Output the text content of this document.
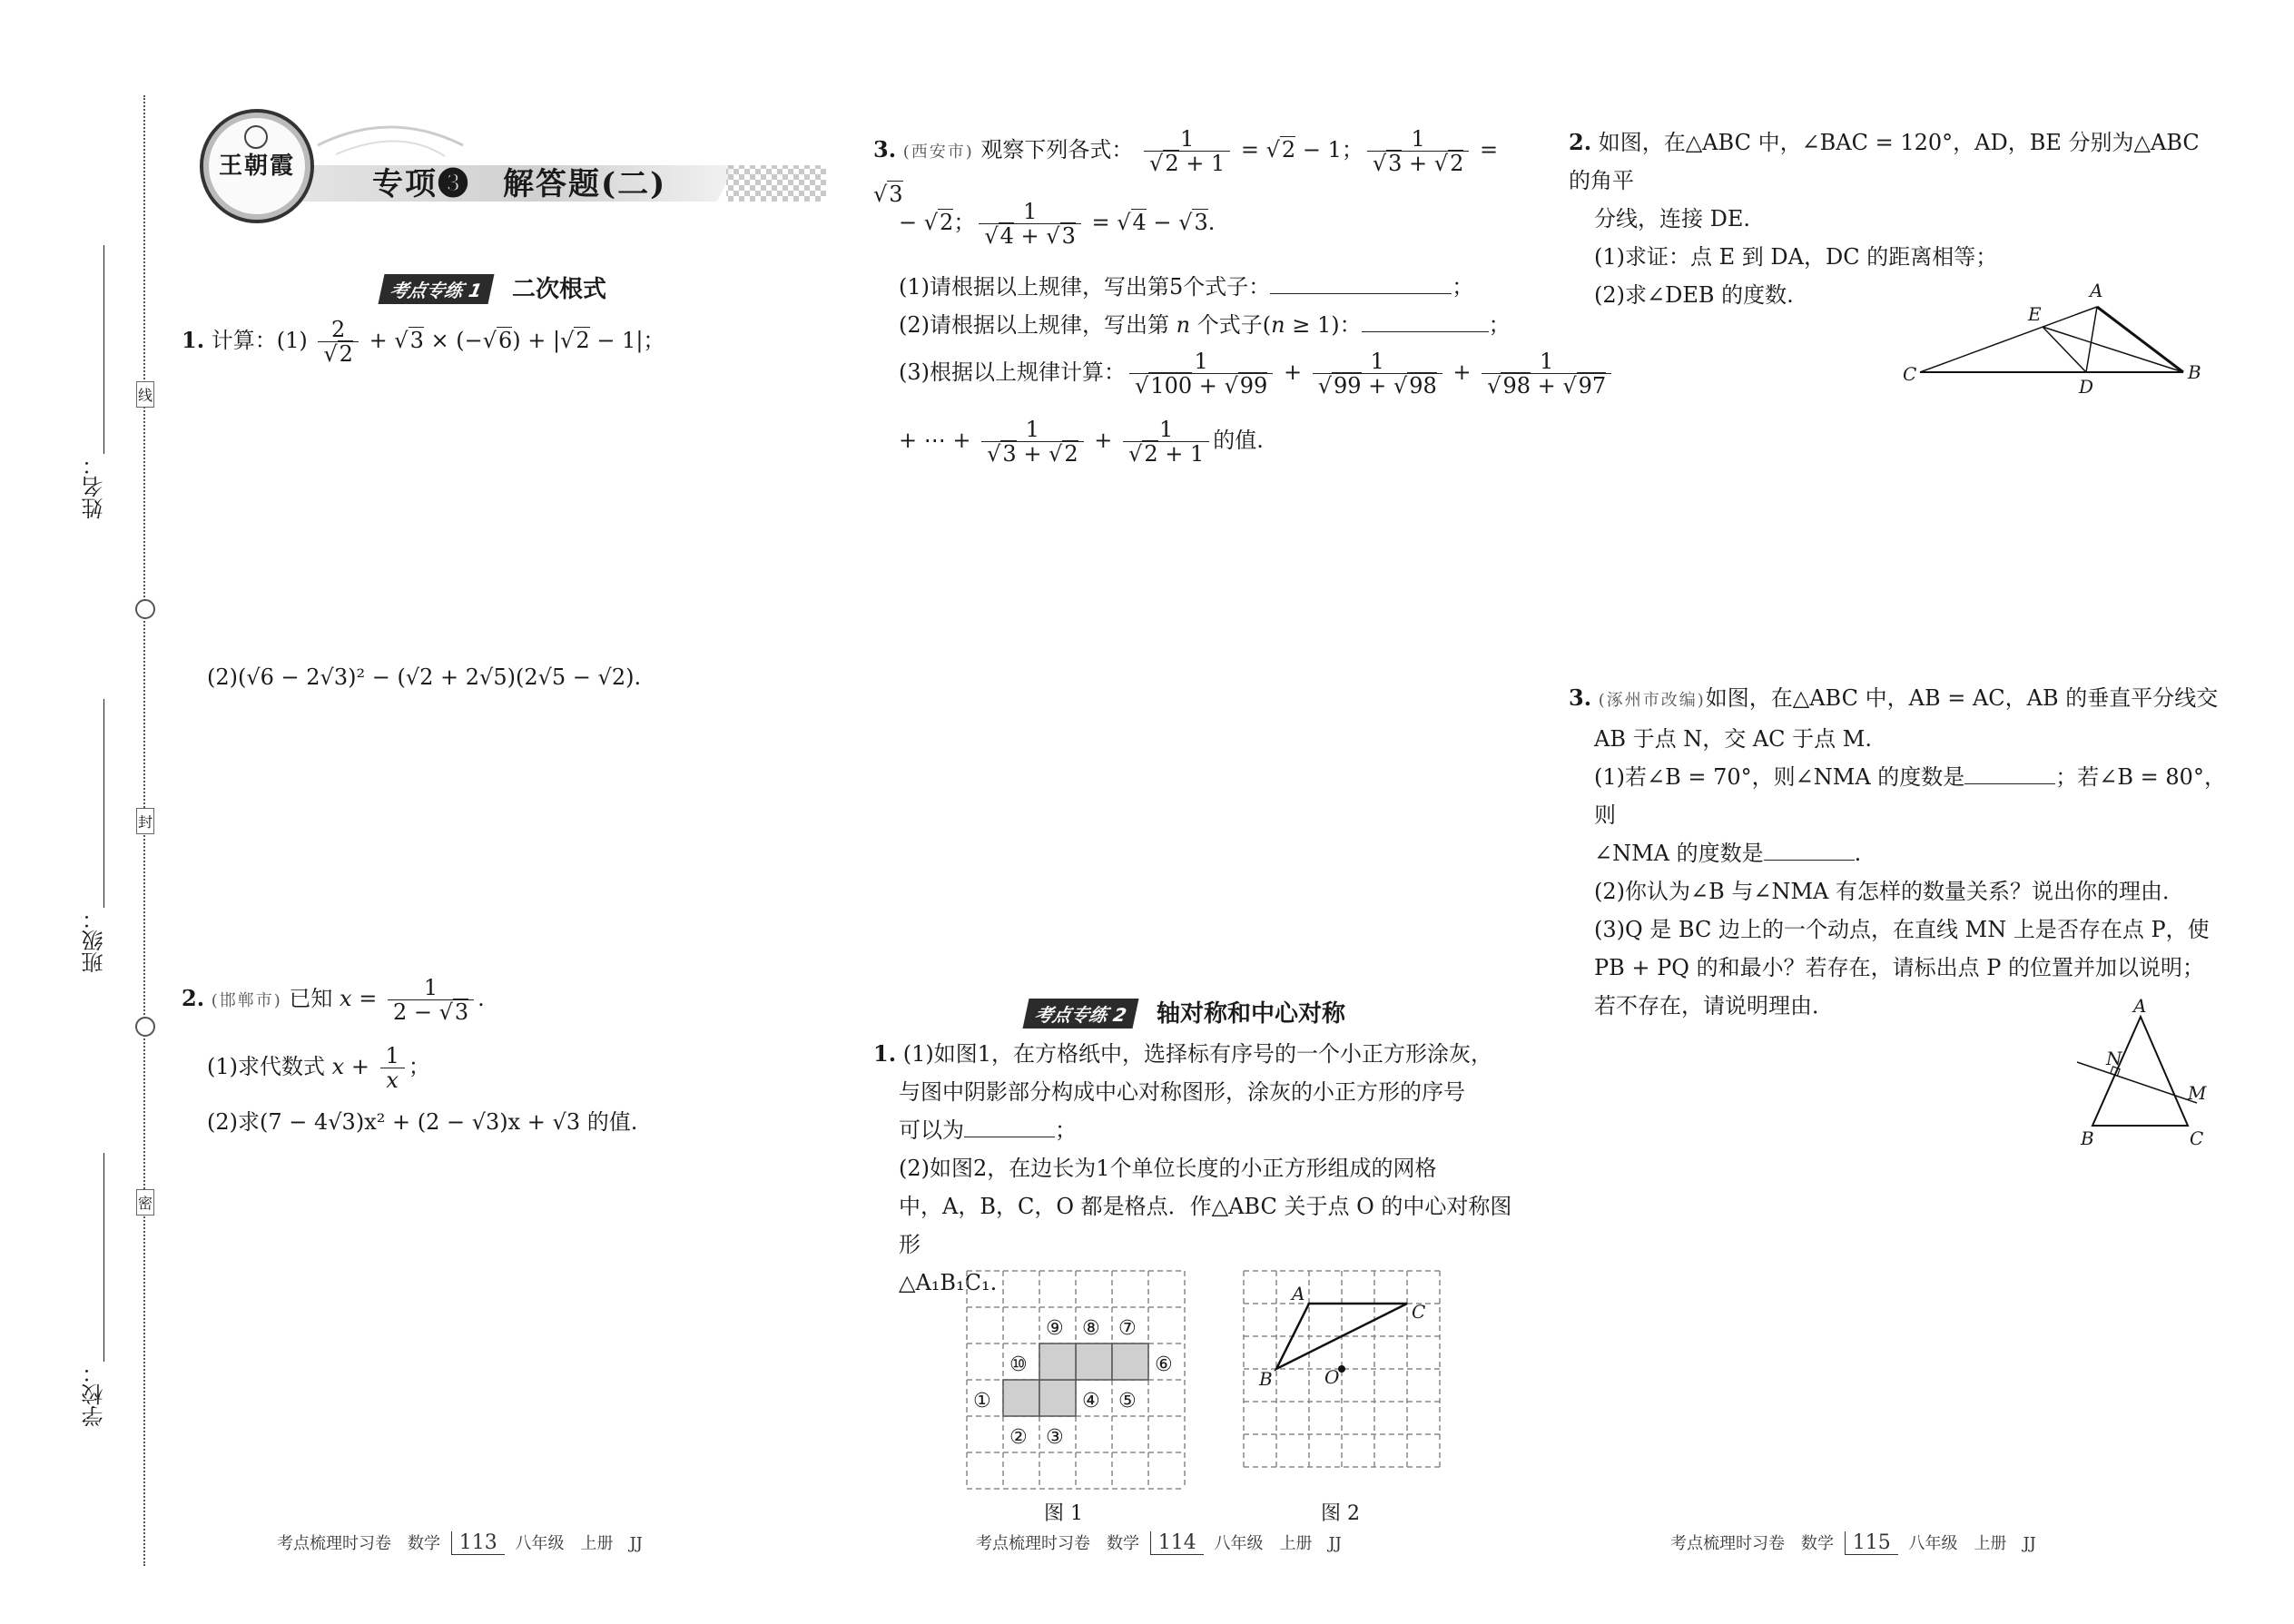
姓名：
班级：
学校：
线
封
密
王朝霞	专项❸　解答题(二)
考点专练 1 二次根式
1. 计算：$(1) \frac{2}{√2} + √3 \times (-√6) + |√2 - 1|$；
(2)(√6 − 2√3)² − (√2 + 2√5)(2√5 − √2).
2. (邯郸市) 已知 $x = \frac{1}{2 - √3}$ .
(1)求代数式 $x + \frac{1}{x}$ ；
(2)求(7 − 4√3)x² + (2 − √3)x + √3 的值.
3. (西安市) 观察下列各式： $\frac{1}{√2 + 1} = √2 - 1$； $\frac{1}{√3 + √2} = √3$
− √2； $\frac{1}{√4 + √3} = √4 - √3$.
(1)请根据以上规律，写出第5个式子：	；
(2)请根据以上规律，写出第 n 个式子(n ≥ 1)：	；
(3)根据以上规律计算： $\frac{1}{√100 + √99} + \frac{1}{√99 + √98} + \frac{1}{√98 + √97}$
+ ⋯ + $\frac{1}{√3 + √2} + \frac{1}{√2 + 1}$ 的值.
考点专练 2 轴对称和中心对称
1. (1)如图1，在方格纸中，选择标有序号的一个小正方形涂灰，
与图中阴影部分构成中心对称图形，涂灰的小正方形的序号
可以为	；
(2)如图2，在边长为1个单位长度的小正方形组成的网格
中，A，B，C，O 都是格点．作△ABC 关于点 O 的中心对称图形
△A₁B₁C₁.
①
② ③
④ ⑤
⑥
⑦
⑧
⑨
⑩
图 1
A
B
C
O
图 2
2. 如图，在△ABC 中，∠BAC = 120°，AD，BE 分别为△ABC 的角平
分线，连接 DE.
(1)求证：点 E 到 DA，DC 的距离相等；
(2)求∠DEB 的度数.	A
E
C
D
B
3. (涿州市改编)如图，在△ABC 中，AB = AC，AB 的垂直平分线交
AB 于点 N，交 AC 于点 M.
(1)若∠B = 70°，则∠NMA 的度数是	；若∠B = 80°，则
∠NMA 的度数是	.
(2)你认为∠B 与∠NMA 有怎样的数量关系？说出你的理由．
(3)Q 是 BC 边上的一个动点，在直线 MN 上是否存在点 P，使
PB + PQ 的和最小？若存在，请标出点 P 的位置并加以说明；
若不存在，请说明理由．	A
N
M
B	C
考点梳理时习卷　数学 113 八年级　上册　JJ	考点梳理时习卷　数学 114 八年级　上册　JJ	考点梳理时习卷　数学 115 八年级　上册　JJ
